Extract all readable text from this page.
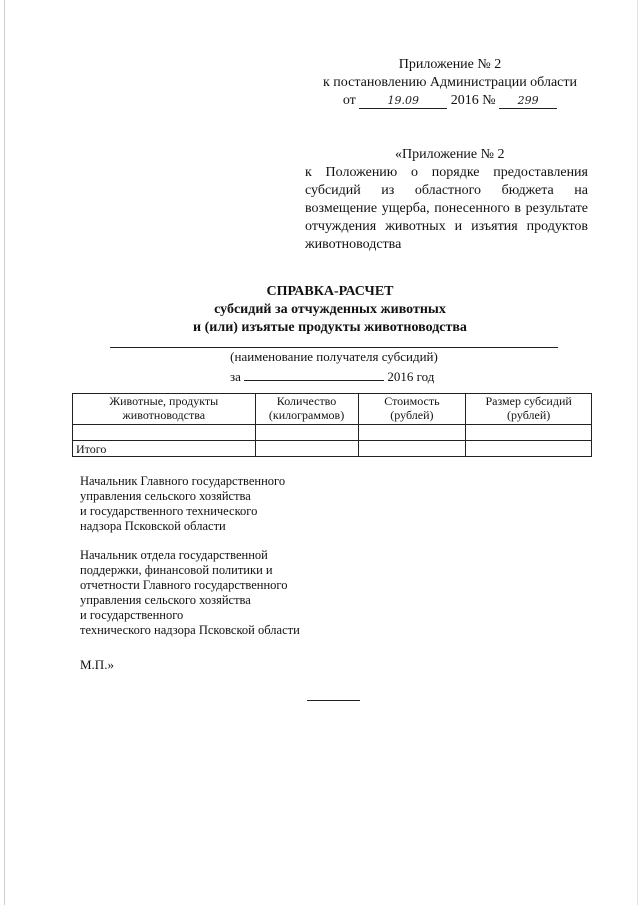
Приложение № 2
к постановлению Администрации области
от	19.09 2016 № 299
«Приложение № 2
к Положению о порядке предоставления субсидий из областного бюджета на возмещение ущерба, понесенного в результате отчуждения животных и изъятия продуктов животноводства
СПРАВКА-РАСЧЕТ
субсидий за отчужденных животных
и (или) изъятые продукты животноводства
(наименование получателя субсидий)
за	2016 год
Животные, продукты животноводства	Количество (килограммов)	Стоимость (рублей)	Размер субсидий (рублей)

Итого			
Начальник Главного государственного
управления сельского хозяйства
и государственного технического
надзора Псковской области
Начальник отдела государственной
поддержки, финансовой политики и
отчетности Главного государственного
управления сельского хозяйства
и государственного
технического надзора Псковской области
М.П.»
